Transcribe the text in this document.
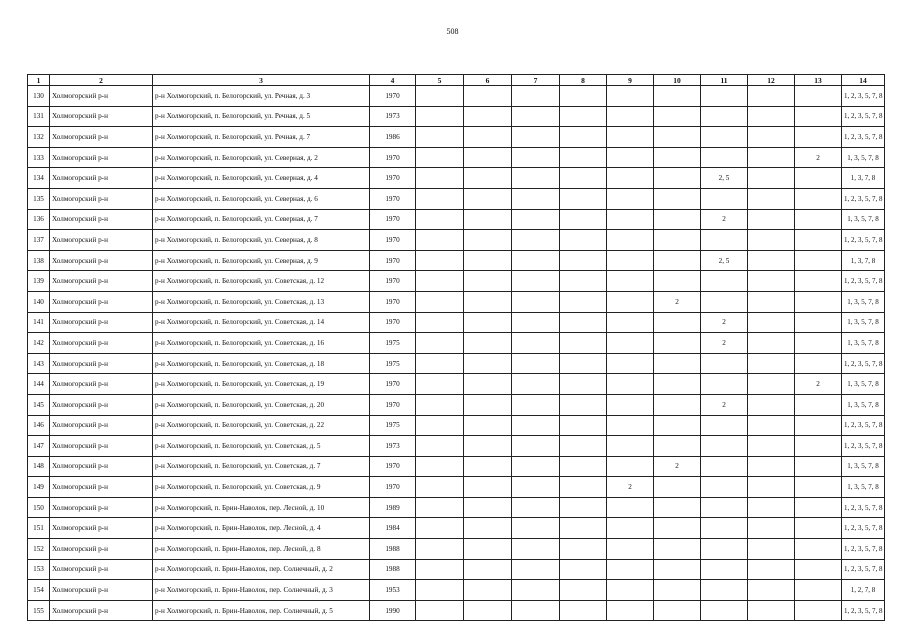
508
1	2	3	4	5	6	7	8	9	10	11	12	13	14
130	Холмогорский р-н	р-н Холмогорский, п. Белогорский, ул. Речная, д. 3	1970										1, 2, 3, 5, 7, 8
131	Холмогорский р-н	р-н Холмогорский, п. Белогорский, ул. Речная, д. 5	1973										1, 2, 3, 5, 7, 8
132	Холмогорский р-н	р-н Холмогорский, п. Белогорский, ул. Речная, д. 7	1986										1, 2, 3, 5, 7, 8
133	Холмогорский р-н	р-н Холмогорский, п. Белогорский, ул. Северная, д. 2	1970									2	1, 3, 5, 7, 8
134	Холмогорский р-н	р-н Холмогорский, п. Белогорский, ул. Северная, д. 4	1970							2, 5			1, 3, 7, 8
135	Холмогорский р-н	р-н Холмогорский, п. Белогорский, ул. Северная, д. 6	1970										1, 2, 3, 5, 7, 8
136	Холмогорский р-н	р-н Холмогорский, п. Белогорский, ул. Северная, д. 7	1970							2			1, 3, 5, 7, 8
137	Холмогорский р-н	р-н Холмогорский, п. Белогорский, ул. Северная, д. 8	1970										1, 2, 3, 5, 7, 8
138	Холмогорский р-н	р-н Холмогорский, п. Белогорский, ул. Северная, д. 9	1970							2, 5			1, 3, 7, 8
139	Холмогорский р-н	р-н Холмогорский, п. Белогорский, ул. Советская, д. 12	1970										1, 2, 3, 5, 7, 8
140	Холмогорский р-н	р-н Холмогорский, п. Белогорский, ул. Советская, д. 13	1970						2				1, 3, 5, 7, 8
141	Холмогорский р-н	р-н Холмогорский, п. Белогорский, ул. Советская, д. 14	1970							2			1, 3, 5, 7, 8
142	Холмогорский р-н	р-н Холмогорский, п. Белогорский, ул. Советская, д. 16	1975							2			1, 3, 5, 7, 8
143	Холмогорский р-н	р-н Холмогорский, п. Белогорский, ул. Советская, д. 18	1975										1, 2, 3, 5, 7, 8
144	Холмогорский р-н	р-н Холмогорский, п. Белогорский, ул. Советская, д. 19	1970									2	1, 3, 5, 7, 8
145	Холмогорский р-н	р-н Холмогорский, п. Белогорский, ул. Советская, д. 20	1970							2			1, 3, 5, 7, 8
146	Холмогорский р-н	р-н Холмогорский, п. Белогорский, ул. Советская, д. 22	1975										1, 2, 3, 5, 7, 8
147	Холмогорский р-н	р-н Холмогорский, п. Белогорский, ул. Советская, д. 5	1973										1, 2, 3, 5, 7, 8
148	Холмогорский р-н	р-н Холмогорский, п. Белогорский, ул. Советская, д. 7	1970						2				1, 3, 5, 7, 8
149	Холмогорский р-н	р-н Холмогорский, п. Белогорский, ул. Советская, д. 9	1970					2					1, 3, 5, 7, 8
150	Холмогорский р-н	р-н Холмогорский, п. Брин-Наволок, пер. Лесной, д. 10	1989										1, 2, 3, 5, 7, 8
151	Холмогорский р-н	р-н Холмогорский, п. Брин-Наволок, пер. Лесной, д. 4	1984										1, 2, 3, 5, 7, 8
152	Холмогорский р-н	р-н Холмогорский, п. Брин-Наволок, пер. Лесной, д. 8	1988										1, 2, 3, 5, 7, 8
153	Холмогорский р-н	р-н Холмогорский, п. Брин-Наволок, пер. Солнечный, д. 2	1988										1, 2, 3, 5, 7, 8
154	Холмогорский р-н	р-н Холмогорский, п. Брин-Наволок, пер. Солнечный, д. 3	1953										1, 2, 7, 8
155	Холмогорский р-н	р-н Холмогорский, п. Брин-Наволок, пер. Солнечный, д. 5	1990										1, 2, 3, 5, 7, 8
